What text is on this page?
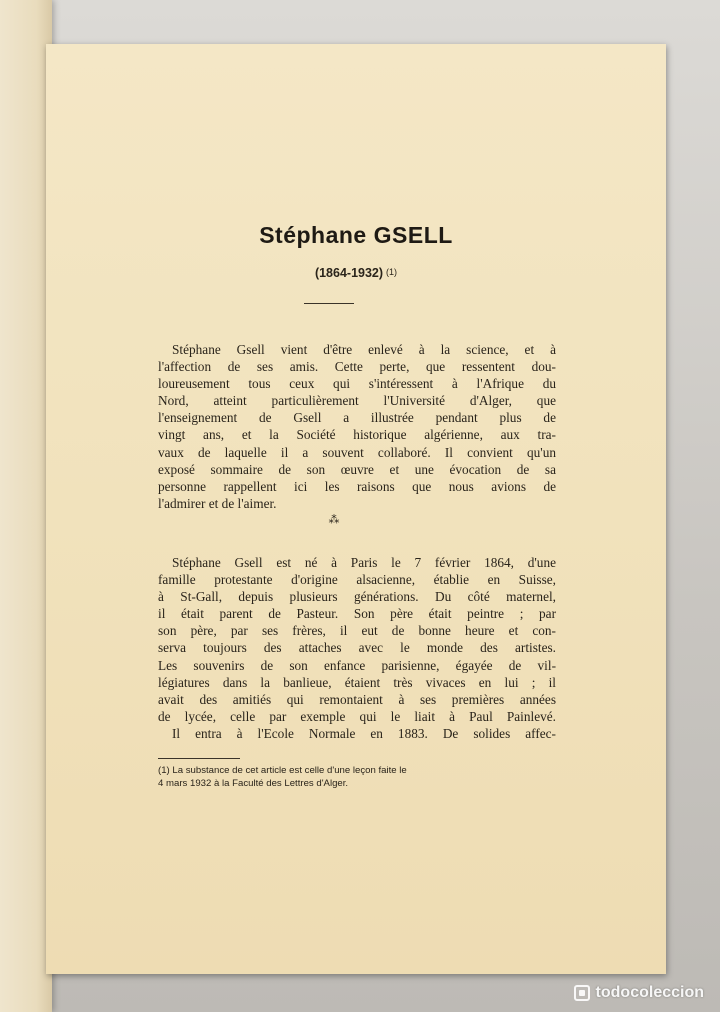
Stéphane GSELL
(1864-1932) (1)
Stéphane Gsell vient d'être enlevé à la science, et à
l'affection de ses amis. Cette perte, que ressentent dou-
loureusement tous ceux qui s'intéressent à l'Afrique du
Nord, atteint particulièrement l'Université d'Alger, que
l'enseignement de Gsell a illustrée pendant plus de
vingt ans, et la Société historique algérienne, aux tra-
vaux de laquelle il a souvent collaboré. Il convient qu'un
exposé sommaire de son œuvre et une évocation de sa
personne rappellent ici les raisons que nous avions de
l'admirer et de l'aimer.
⁂
Stéphane Gsell est né à Paris le 7 février 1864, d'une
famille protestante d'origine alsacienne, établie en Suisse,
à St-Gall, depuis plusieurs générations. Du côté maternel,
il était parent de Pasteur. Son père était peintre ; par
son père, par ses frères, il eut de bonne heure et con-
serva toujours des attaches avec le monde des artistes.
Les souvenirs de son enfance parisienne, égayée de vil-
légiatures dans la banlieue, étaient très vivaces en lui ; il
avait des amitiés qui remontaient à ses premières années
de lycée, celle par exemple qui le liait à Paul Painlevé.
Il entra à l'Ecole Normale en 1883. De solides affec-
(1) La substance de cet article est celle d'une leçon faite le
4 mars 1932 à la Faculté des Lettres d'Alger.
todocoleccion
